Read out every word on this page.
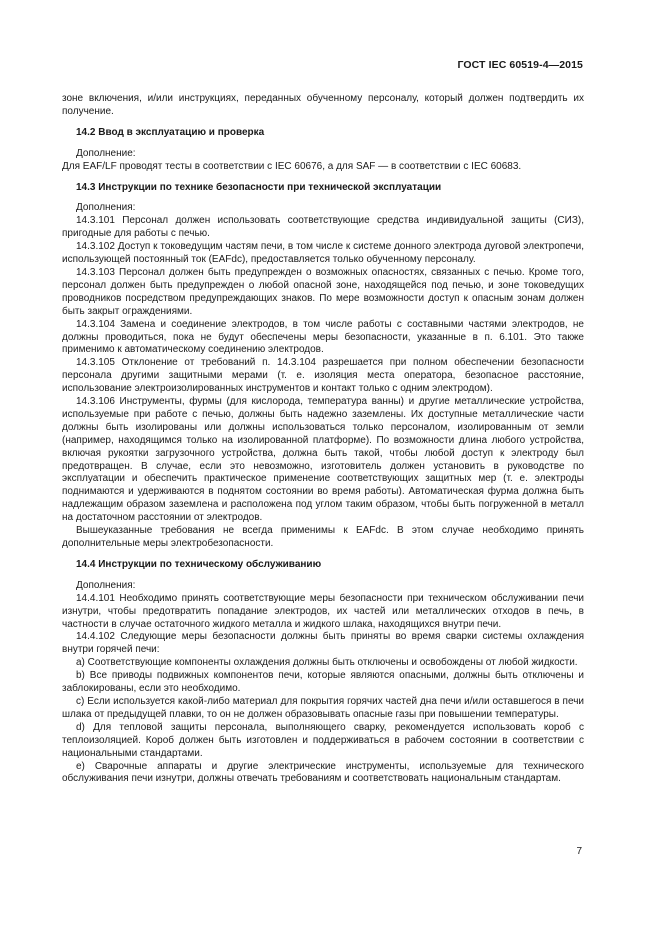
ГОСТ IEC 60519-4—2015

зоне включения, и/или инструкциях, переданных обученному персоналу, который должен подтвердить их получение.

14.2 Ввод в эксплуатацию и проверка

Дополнение:

Для EAF/LF проводят тесты в соответствии с IEC 60676, а для SAF — в соответствии с IEC 60683.

14.3 Инструкции по технике безопасности при технической эксплуатации

Дополнения:

14.3.101 Персонал должен использовать соответствующие средства индивидуальной защиты (СИЗ), пригодные для работы с печью.

14.3.102 Доступ к токоведущим частям печи, в том числе к системе донного электрода дуговой электропечи, использующей постоянный ток (EAFdc), предоставляется только обученному персоналу.

14.3.103 Персонал должен быть предупрежден о возможных опасностях, связанных с печью. Кроме того, персонал должен быть предупрежден о любой опасной зоне, находящейся под печью, и зоне токоведущих проводников посредством предупреждающих знаков. По мере возможности доступ к опасным зонам должен быть закрыт ограждениями.

14.3.104 Замена и соединение электродов, в том числе работы с составными частями электродов, не должны проводиться, пока не будут обеспечены меры безопасности, указанные в п. 6.101. Это также применимо к автоматическому соединению электродов.

14.3.105 Отклонение от требований п. 14.3.104 разрешается при полном обеспечении безопасности персонала другими защитными мерами (т. е. изоляция места оператора, безопасное расстояние, использование электроизолированных инструментов и контакт только с одним электродом).

14.3.106 Инструменты, фурмы (для кислорода, температура ванны) и другие металлические устройства, используемые при работе с печью, должны быть надежно заземлены. Их доступные металлические части должны быть изолированы или должны использоваться только персоналом, изолированным от земли (например, находящимся только на изолированной платформе). По возможности длина любого устройства, включая рукоятки загрузочного устройства, должна быть такой, чтобы любой доступ к электроду был предотвращен. В случае, если это невозможно, изготовитель должен установить в руководстве по эксплуатации и обеспечить практическое применение соответствующих защитных мер (т. е. электроды поднимаются и удерживаются в поднятом состоянии во время работы). Автоматическая фурма должна быть надлежащим образом заземлена и расположена под углом таким образом, чтобы быть погруженной в металл на достаточном расстоянии от электродов.

Вышеуказанные требования не всегда применимы к EAFdc. В этом случае необходимо принять дополнительные меры электробезопасности.

14.4 Инструкции по техническому обслуживанию

Дополнения:

14.4.101 Необходимо принять соответствующие меры безопасности при техническом обслуживании печи изнутри, чтобы предотвратить попадание электродов, их частей или металлических отходов в печь, в частности в случае остаточного жидкого металла и жидкого шлака, находящихся внутри печи.

14.4.102 Следующие меры безопасности должны быть приняты во время сварки системы охлаждения внутри горячей печи:

а) Соответствующие компоненты охлаждения должны быть отключены и освобождены от любой жидкости.

b) Все приводы подвижных компонентов печи, которые являются опасными, должны быть отключены и заблокированы, если это необходимо.

c) Если используется какой-либо материал для покрытия горячих частей дна печи и/или оставшегося в печи шлака от предыдущей плавки, то он не должен образовывать опасные газы при повышении температуры.

d) Для тепловой защиты персонала, выполняющего сварку, рекомендуется использовать короб с теплоизоляцией. Короб должен быть изготовлен и поддерживаться в рабочем состоянии в соответствии с национальными стандартами.

e) Сварочные аппараты и другие электрические инструменты, используемые для технического обслуживания печи изнутри, должны отвечать требованиям и соответствовать национальным стандартам.

7
